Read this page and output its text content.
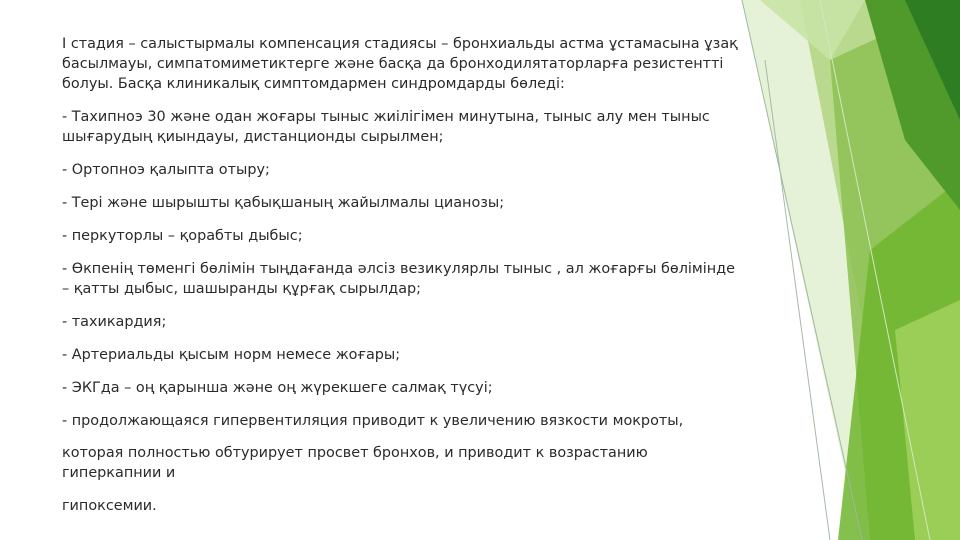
I стадия – салыстырмалы компенсация стадиясы – бронхиальды астма ұстамасына ұзақ басылмауы, симпатомиметиктерге және басқа да бронходилятаторларға резистентті болуы. Басқа клиникалық симптомдармен синдромдарды бөледі:

- Тахипноэ 30 және одан жоғары тыныс жиілігімен минутына, тыныс алу мен тыныс шығарудың қиындауы, дистанционды сырылмен;

- Ортопноэ қалыпта отыру;

- Тері және шырышты қабықшаның жайылмалы цианозы;

- перкуторлы – қорабты дыбыс;

- Өкпенің төменгі бөлімін тыңдағанда әлсіз везикулярлы тыныс , ал жоғарғы бөлімінде – қатты дыбыс, шашыранды құрғақ сырылдар;

- тахикардия;

- Артериальды қысым норм немесе жоғары;

- ЭКГда – оң қарынша және оң жүрекшеге салмақ түсуі;

- продолжающаяся гипервентиляция приводит к увеличению вязкости мокроты,

которая полностью обтурирует просвет бронхов, и приводит к возрастанию гиперкапнии и

гипоксемии.
